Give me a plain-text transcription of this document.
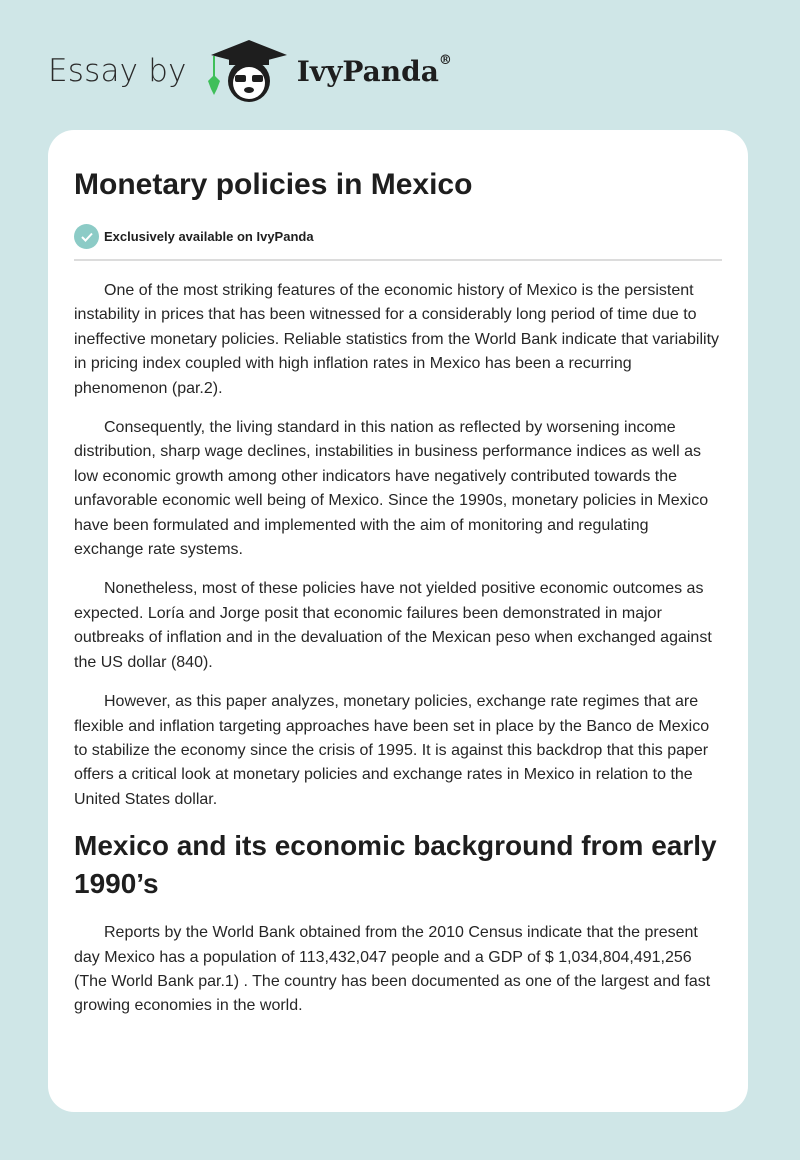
Essay by	IvyPanda®
Monetary policies in Mexico
Exclusively available on IvyPanda

One of the most striking features of the economic history of Mexico is the persistent instability in prices that has been witnessed for a considerably long period of time due to ineffective monetary policies. Reliable statistics from the World Bank indicate that variability in pricing index coupled with high inflation rates in Mexico has been a recurring phenomenon (par.2).

Consequently, the living standard in this nation as reflected by worsening income distribution, sharp wage declines, instabilities in business performance indices as well as low economic growth among other indicators have negatively contributed towards the unfavorable economic well being of Mexico. Since the 1990s, monetary policies in Mexico have been formulated and implemented with the aim of monitoring and regulating exchange rate systems.

Nonetheless, most of these policies have not yielded positive economic outcomes as expected. Loría and Jorge posit that economic failures been demonstrated in major outbreaks of inflation and in the devaluation of the Mexican peso when exchanged against the US dollar (840).

However, as this paper analyzes, monetary policies, exchange rate regimes that are flexible and inflation targeting approaches have been set in place by the Banco de Mexico to stabilize the economy since the crisis of 1995. It is against this backdrop that this paper offers a critical look at monetary policies and exchange rates in Mexico in relation to the United States dollar.

Mexico and its economic background from early 1990’s

Reports by the World Bank obtained from the 2010 Census indicate that the present day Mexico has a population of 113,432,047 people and a GDP of $ 1,034,804,491,256 (The World Bank par.1) . The country has been documented as one of the largest and fast growing economies in the world.
